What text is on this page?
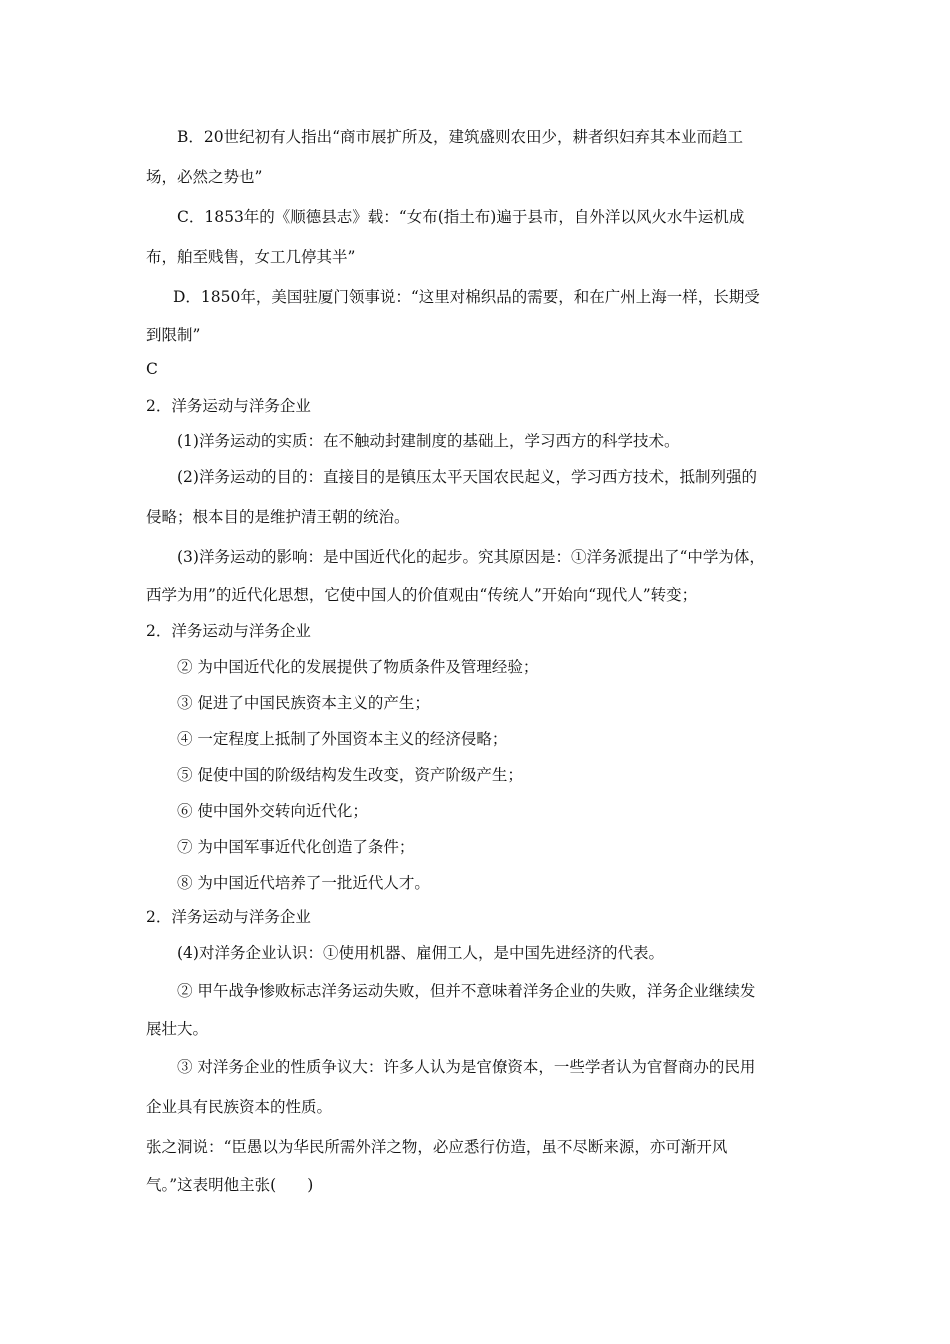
B．20世纪初有人指出“商市展扩所及，建筑盛则农田少，耕者织妇弃其本业而趋工

场，必然之势也”

C．1853年的《顺德县志》载：“女布(指土布)遍于县市，自外洋以风火水牛运机成

布，舶至贱售，女工几停其半”

D．1850年，美国驻厦门领事说：“这里对棉织品的需要，和在广州上海一样，长期受

到限制”

C

2．洋务运动与洋务企业

(1)洋务运动的实质：在不触动封建制度的基础上，学习西方的科学技术。

(2)洋务运动的目的：直接目的是镇压太平天国农民起义，学习西方技术，抵制列强的

侵略；根本目的是维护清王朝的统治。

(3)洋务运动的影响：是中国近代化的起步。究其原因是：①洋务派提出了“中学为体，

西学为用”的近代化思想，它使中国人的价值观由“传统人”开始向“现代人”转变；

2．洋务运动与洋务企业

② 为中国近代化的发展提供了物质条件及管理经验；

③ 促进了中国民族资本主义的产生；

④ 一定程度上抵制了外国资本主义的经济侵略；

⑤ 促使中国的阶级结构发生改变，资产阶级产生；

⑥ 使中国外交转向近代化；

⑦ 为中国军事近代化创造了条件；

⑧ 为中国近代培养了一批近代人才。

2．洋务运动与洋务企业

(4)对洋务企业认识：①使用机器、雇佣工人，是中国先进经济的代表。

② 甲午战争惨败标志洋务运动失败，但并不意味着洋务企业的失败，洋务企业继续发

展壮大。

③ 对洋务企业的性质争议大：许多人认为是官僚资本，一些学者认为官督商办的民用

企业具有民族资本的性质。

张之洞说：“臣愚以为华民所需外洋之物，必应悉行仿造，虽不尽断来源，亦可渐开风

气。”这表明他主张(　　)
